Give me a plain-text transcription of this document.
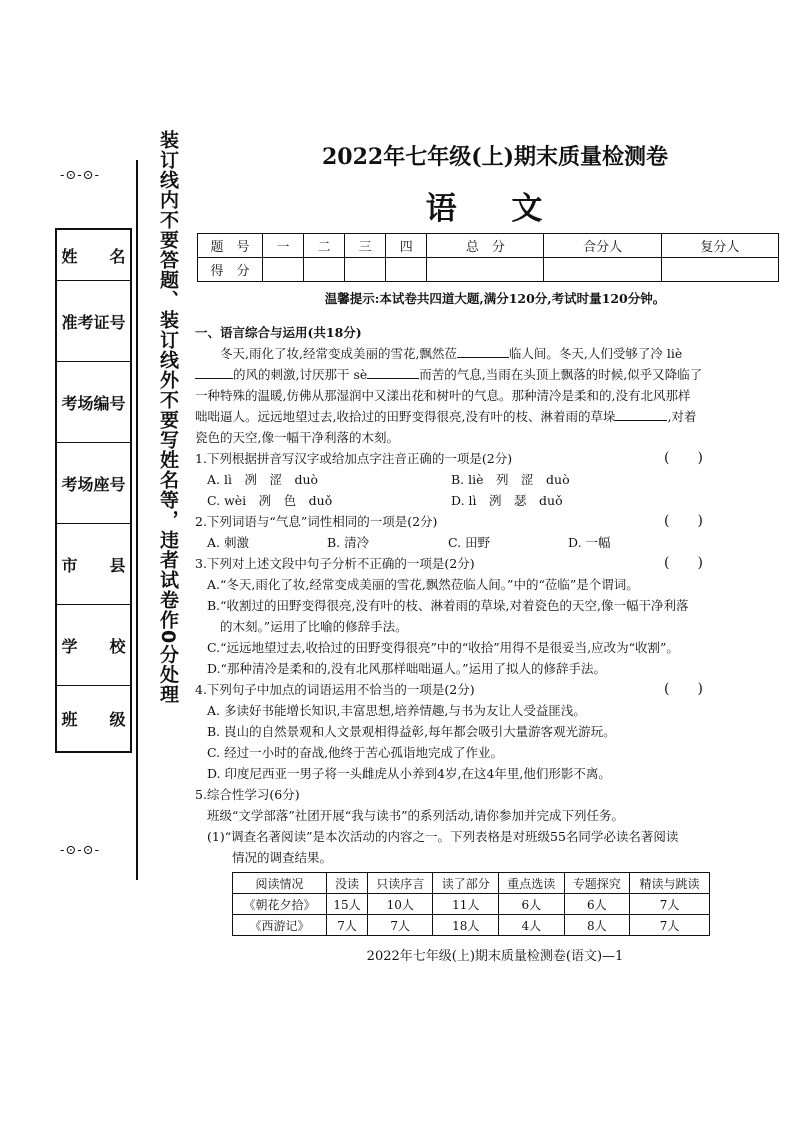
-⊙-⊙-
-⊙-⊙-
姓　　名
准考证号
考场编号
考场座号
市　　县
学　　校
班　　级
装订线内不要答题、装订线外不要写姓名等，违者试卷作0分处理	2022年七年级(上)期末质量检测卷
语 文
题　号	一	二	三	四	总　分	合分人	复分人
得　分							
温馨提示:本试卷共四道大题,满分120分,考试时量120分钟。
一、语言综合与运用(共18分)
冬天,雨化了妆,经常变成美丽的雪花,飘然莅	临人间。冬天,人们受够了冷 liè
的风的刺激,讨厌那干 sè	而苦的气息,当雨在头顶上飘落的时候,似乎又降临了
一种特殊的温暖,仿佛从那湿润中又漾出花和树叶的气息。那种清冷是柔和的,没有北风那样
咄咄逼人。远远地望过去,收拾过的田野变得很亮,没有叶的枝、淋着雨的草垛	,对着
瓷色的天空,像一幅干净利落的木刻。
1.下列根据拼音写汉字或给加点字注音正确的一项是(2分)	(　　)
A. lì　冽　涩　duò	B. liè　列　涩　duò
C. wèi　冽　色　duǒ	D. lì　洌　瑟　duǒ
2.下列词语与“气息”词性相同的一项是(2分)	(　　)
A. 刺激	B. 清冷	C. 田野	D. 一幅
3.下列对上述文段中句子分析不正确的一项是(2分)	(　　)
A.“冬天,雨化了妆,经常变成美丽的雪花,飘然莅临人间。”中的“莅临”是个谓词。
B.“收割过的田野变得很亮,没有叶的枝、淋着雨的草垛,对着瓷色的天空,像一幅干净利落
的木刻。”运用了比喻的修辞手法。
C.“远远地望过去,收拾过的田野变得很亮”中的“收拾”用得不是很妥当,应改为“收割”。
D.“那种清冷是柔和的,没有北风那样咄咄逼人。”运用了拟人的修辞手法。
4.下列句子中加点的词语运用不恰当的一项是(2分)	(　　)
A. 多读好书能增长知识,丰富思想,培养情趣,与书为友让人受益匪浅。
B. 崀山的自然景观和人文景观相得益彰,每年都会吸引大量游客观光游玩。
C. 经过一小时的奋战,他终于苦心孤诣地完成了作业。
D. 印度尼西亚一男子将一头雌虎从小养到4岁,在这4年里,他们形影不离。
5.综合性学习(6分)
班级“文学部落”社团开展“我与读书”的系列活动,请你参加并完成下列任务。
(1)“调查名著阅读”是本次活动的内容之一。下列表格是对班级55名同学必读名著阅读
情况的调查结果。
阅读情况	没读	只读序言	读了部分	重点选读	专题探究	精读与跳读
《朝花夕拾》	15人	10人	11人	6人	6人	7人
《西游记》	7人	7人	18人	4人	8人	7人
2022年七年级(上)期末质量检测卷(语文)—1
